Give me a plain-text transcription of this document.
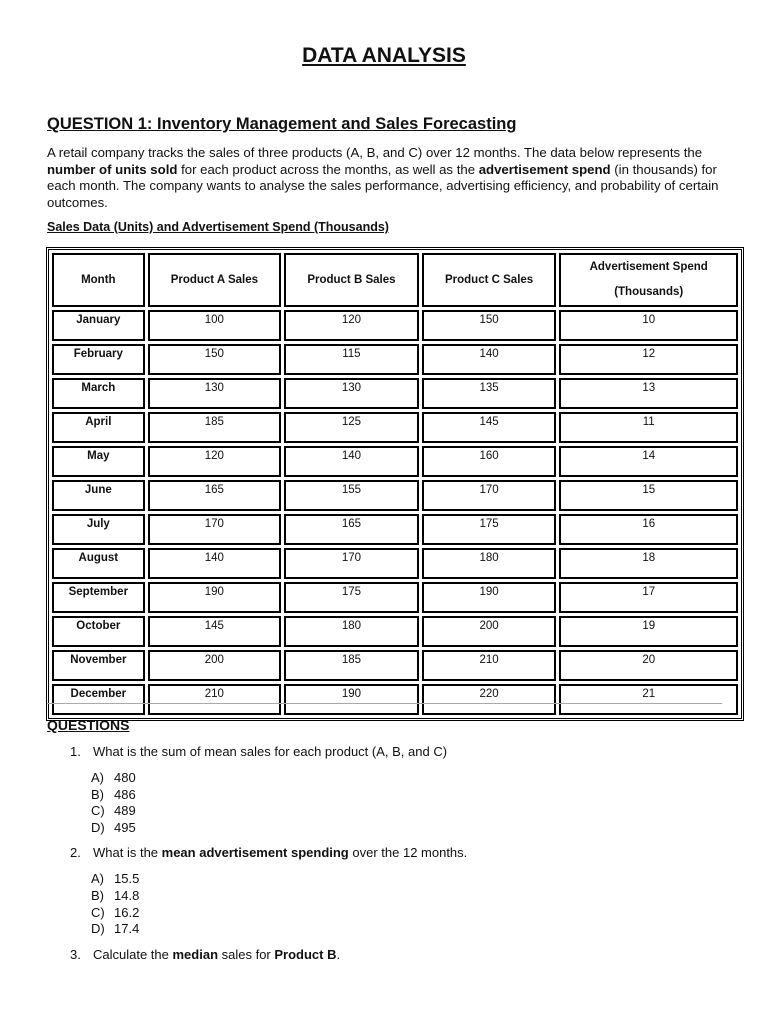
DATA ANALYSIS
QUESTION 1: Inventory Management and Sales Forecasting
A retail company tracks the sales of three products (A, B, and C) over 12 months. The data below represents the number of units sold for each product across the months, as well as the advertisement spend (in thousands) for each month. The company wants to analyse the sales performance, advertising efficiency, and probability of certain outcomes.
Sales Data (Units) and Advertisement Spend (Thousands)
Month	Product A Sales	Product B Sales	Product C Sales	Advertisement Spend
(Thousands)
January	100	120	150	10
February	150	115	140	12
March	130	130	135	13
April	185	125	145	11
May	120	140	160	14
June	165	155	170	15
July	170	165	175	16
August	140	170	180	18
September	190	175	190	17
October	145	180	200	19
November	200	185	210	20
December	210	190	220	21
QUESTIONS
1. What is the sum of mean sales for each product (A, B, and C)
A) 480
B) 486
C) 489
D) 495
2. What is the mean advertisement spending over the 12 months.
A) 15.5
B) 14.8
C) 16.2
D) 17.4
3. Calculate the median sales for Product B.
